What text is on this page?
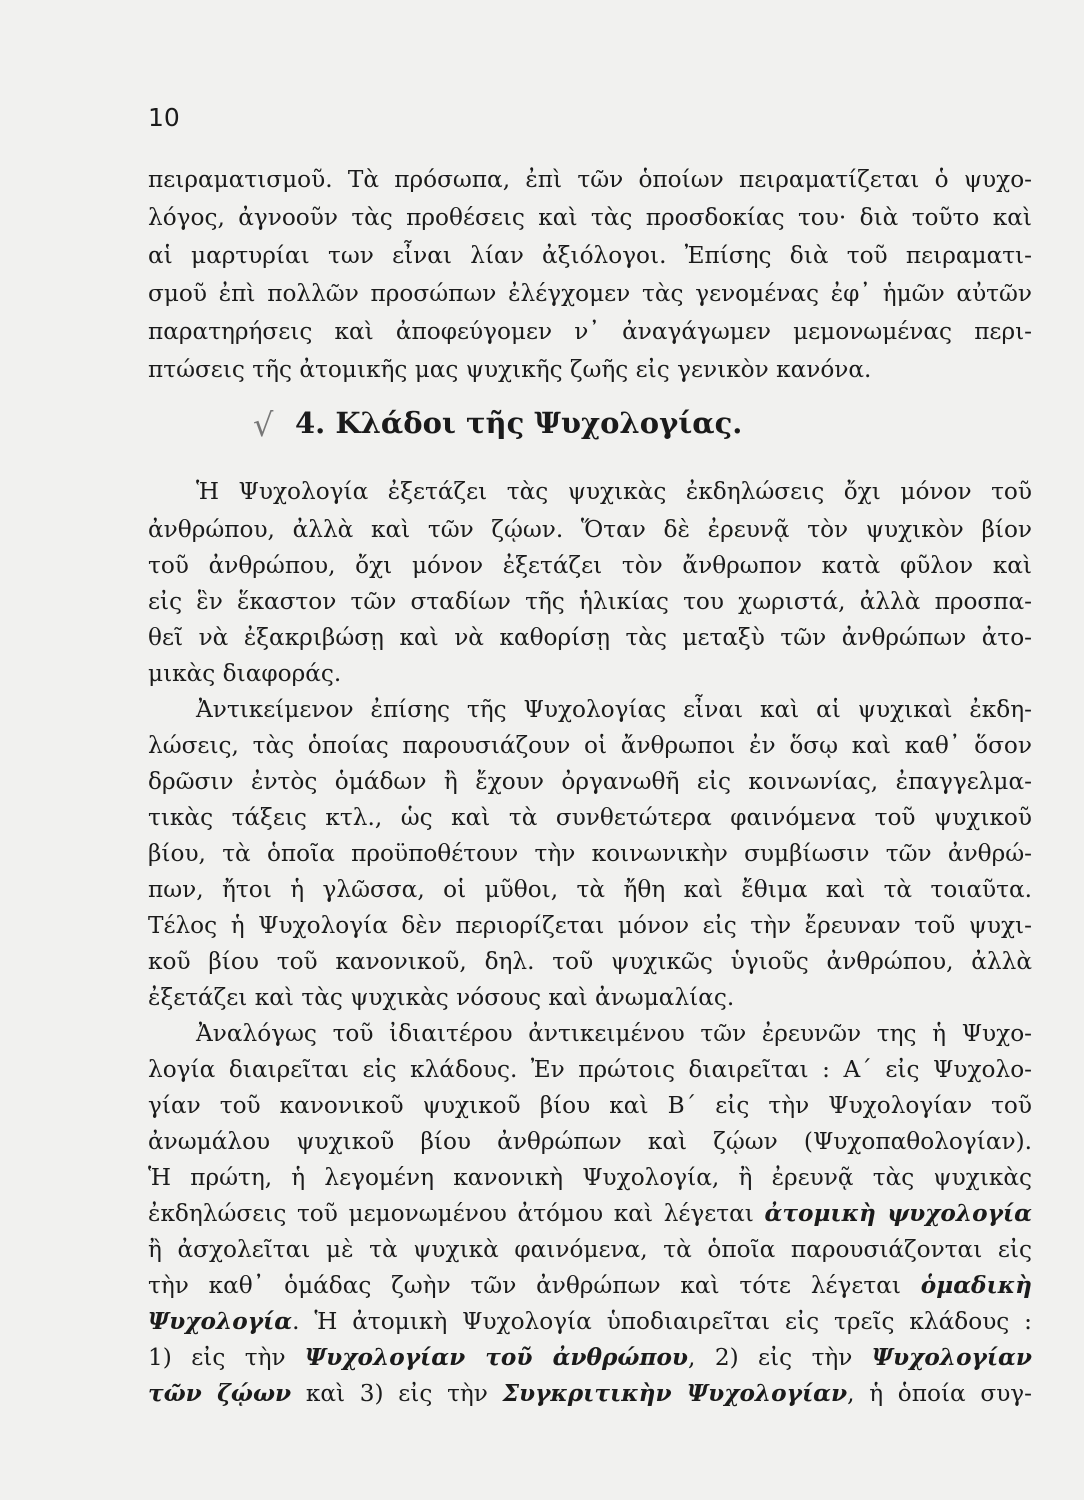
10
πειραματισμοῦ. Τὰ πρόσωπα, ἐπὶ τῶν ὁποίων πειραματίζεται ὁ ψυχο-
λόγος, ἀγνοοῦν τὰς προθέσεις καὶ τὰς προσδοκίας του· διὰ τοῦτο καὶ
αἱ μαρτυρίαι των εἶναι λίαν ἀξιόλογοι. Ἐπίσης διὰ τοῦ πειραματι-
σμοῦ ἐπὶ πολλῶν προσώπων ἐλέγχομεν τὰς γενομένας ἐφ᾽ ἡμῶν αὐτῶν
παρατηρήσεις καὶ ἀποφεύγομεν ν᾽ ἀναγάγωμεν μεμονωμένας περι-
πτώσεις τῆς ἀτομικῆς μας ψυχικῆς ζωῆς εἰς γενικὸν κανόνα.
√ 4. Κλάδοι τῆς Ψυχολογίας.
Ἡ Ψυχολογία ἐξετάζει τὰς ψυχικὰς ἐκδηλώσεις ὄχι μόνον τοῦ
ἀνθρώπου, ἀλλὰ καὶ τῶν ζῴων. Ὅταν δὲ ἐρευνᾷ τὸν ψυχικὸν βίον
τοῦ ἀνθρώπου, ὄχι μόνον ἐξετάζει τὸν ἄνθρωπον κατὰ φῦλον καὶ
εἰς ἓν ἕκαστον τῶν σταδίων τῆς ἡλικίας του χωριστά, ἀλλὰ προσπα-
θεῖ νὰ ἐξακριβώσῃ καὶ νὰ καθορίσῃ τὰς μεταξὺ τῶν ἀνθρώπων ἀτο-
μικὰς διαφοράς.
Ἀντικείμενον ἐπίσης τῆς Ψυχολογίας εἶναι καὶ αἱ ψυχικαὶ ἐκδη-
λώσεις, τὰς ὁποίας παρουσιάζουν οἱ ἄνθρωποι ἐν ὅσῳ καὶ καθ᾽ ὅσον
δρῶσιν ἐντὸς ὁμάδων ἢ ἔχουν ὀργανωθῆ εἰς κοινωνίας, ἐπαγγελμα-
τικὰς τάξεις κτλ., ὡς καὶ τὰ συνθετώτερα φαινόμενα τοῦ ψυχικοῦ
βίου, τὰ ὁποῖα προϋποθέτουν τὴν κοινωνικὴν συμβίωσιν τῶν ἀνθρώ-
πων, ἤτοι ἡ γλῶσσα, οἱ μῦθοι, τὰ ἤθη καὶ ἔθιμα καὶ τὰ τοιαῦτα.
Τέλος ἡ Ψυχολογία δὲν περιορίζεται μόνον εἰς τὴν ἔρευναν τοῦ ψυχι-
κοῦ βίου τοῦ κανονικοῦ, δηλ. τοῦ ψυχικῶς ὑγιοῦς ἀνθρώπου, ἀλλὰ
ἐξετάζει καὶ τὰς ψυχικὰς νόσους καὶ ἀνωμαλίας.
Ἀναλόγως τοῦ ἰδιαιτέρου ἀντικειμένου τῶν ἐρευνῶν της ἡ Ψυχο-
λογία διαιρεῖται εἰς κλάδους. Ἐν πρώτοις διαιρεῖται : Α΄ εἰς Ψυχολο-
γίαν τοῦ κανονικοῦ ψυχικοῦ βίου καὶ Β΄ εἰς τὴν Ψυχολογίαν τοῦ
ἀνωμάλου ψυχικοῦ βίου ἀνθρώπων καὶ ζῴων (Ψυχοπαθολογίαν).
Ἡ πρώτη, ἡ λεγομένη κανονικὴ Ψυχολογία, ἢ ἐρευνᾷ τὰς ψυχικὰς
ἐκδηλώσεις τοῦ μεμονωμένου ἀτόμου καὶ λέγεται ἀτομικὴ ψυχολογία
ἢ ἀσχολεῖται μὲ τὰ ψυχικὰ φαινόμενα, τὰ ὁποῖα παρουσιάζονται εἰς
τὴν καθ᾽ ὁμάδας ζωὴν τῶν ἀνθρώπων καὶ τότε λέγεται ὁμαδικὴ
Ψυχολογία. Ἡ ἀτομικὴ Ψυχολογία ὑποδιαιρεῖται εἰς τρεῖς κλάδους :
1) εἰς τὴν Ψυχολογίαν τοῦ ἀνθρώπου, 2) εἰς τὴν Ψυχολογίαν
τῶν ζῴων καὶ 3) εἰς τὴν Συγκριτικὴν Ψυχολογίαν, ἡ ὁποία συγ-
